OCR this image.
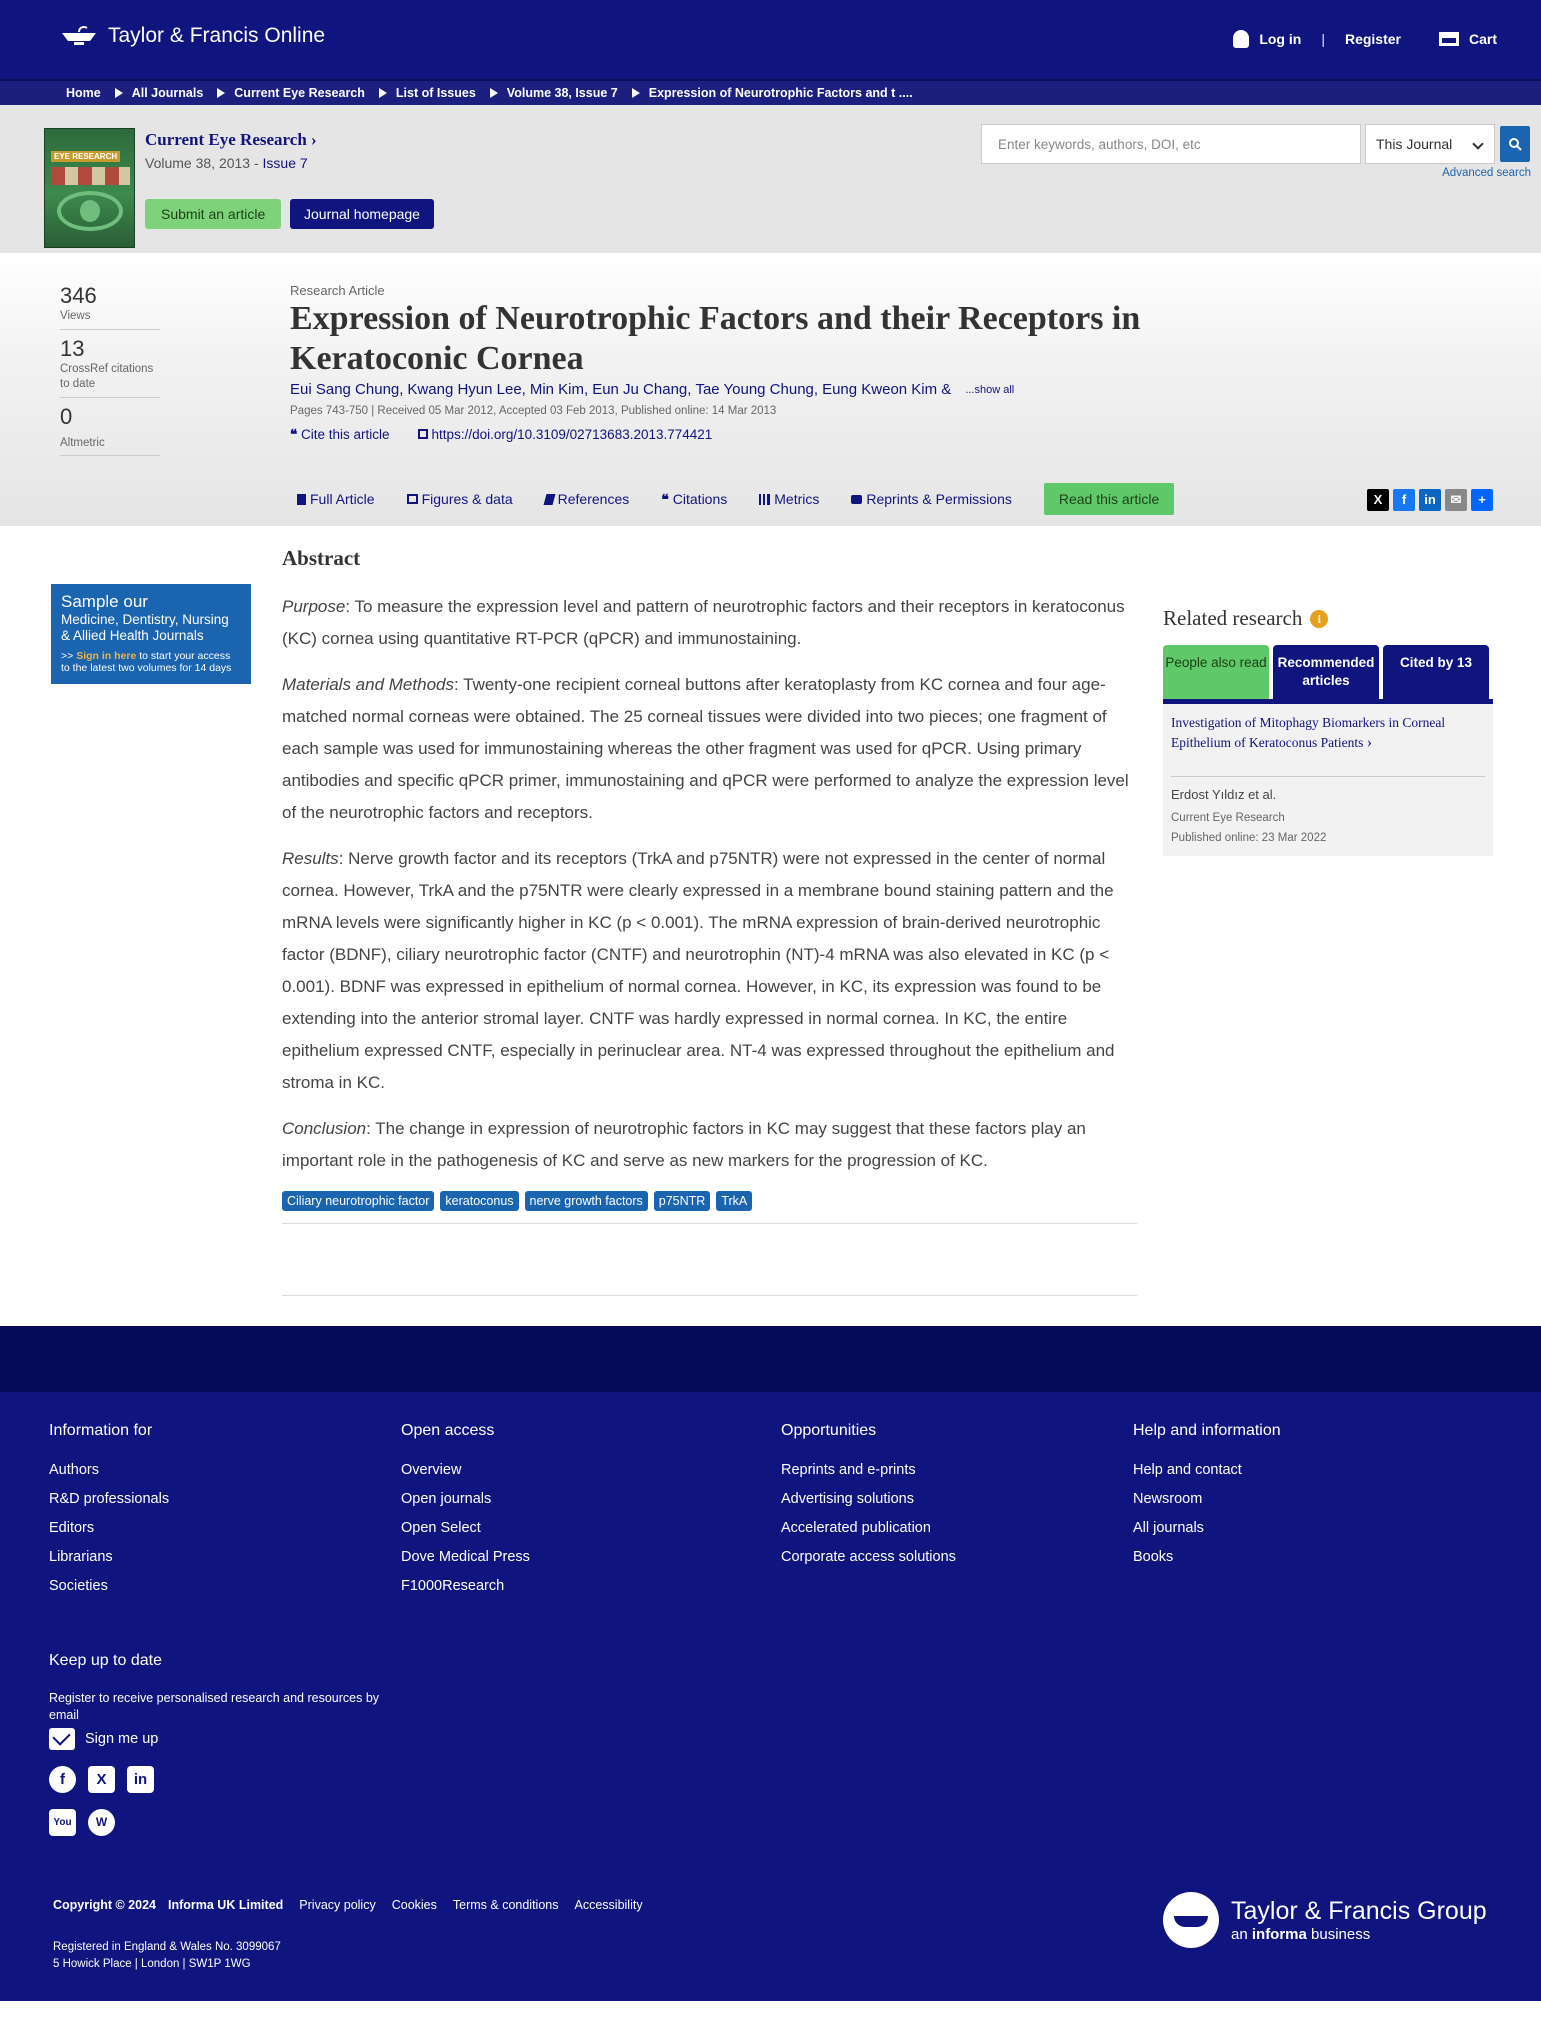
Taylor & Francis Online	Log in | Register	Cart
Home All Journals Current Eye Research List of Issues Volume 38, Issue 7 Expression of Neurotrophic Factors and t ....
EYE RESEARCH
Current Eye Research ›
Volume 38, 2013 - Issue 7
Submit an article	Journal homepage
Enter keywords, authors, DOI, etc	This Journal
Advanced search
346
Views
13
CrossRef citations to date
0
Altmetric
Research Article
Expression of Neurotrophic Factors and their Receptors in Keratoconic Cornea
Eui Sang Chung, Kwang Hyun Lee, Min Kim, Eun Ju Chang, Tae Young Chung, Eung Kweon Kim & ...show all
Pages 743-750 | Received 05 Mar 2012, Accepted 03 Feb 2013, Published online: 14 Mar 2013
❝ Cite this article	https://doi.org/10.3109/02713683.2013.774421
Full Article	Figures & data	References ❝ Citations	Metrics	Reprints & Permissions	Read this article	X	f	in	✉	+
Sample our
Medicine, Dentistry, Nursing & Allied Health Journals
>> Sign in here to start your access to the latest two volumes for 14 days
Abstract

Purpose: To measure the expression level and pattern of neurotrophic factors and their receptors in keratoconus (KC) cornea using quantitative RT-PCR (qPCR) and immunostaining.

Materials and Methods: Twenty-one recipient corneal buttons after keratoplasty from KC cornea and four age-matched normal corneas were obtained. The 25 corneal tissues were divided into two pieces; one fragment of each sample was used for immunostaining whereas the other fragment was used for qPCR. Using primary antibodies and specific qPCR primer, immunostaining and qPCR were performed to analyze the expression level of the neurotrophic factors and receptors.

Results: Nerve growth factor and its receptors (TrkA and p75NTR) were not expressed in the center of normal cornea. However, TrkA and the p75NTR were clearly expressed in a membrane bound staining pattern and the mRNA levels were significantly higher in KC (p < 0.001). The mRNA expression of brain-derived neurotrophic factor (BDNF), ciliary neurotrophic factor (CNTF) and neurotrophin (NT)-4 mRNA was also elevated in KC (p < 0.001). BDNF was expressed in epithelium of normal cornea. However, in KC, its expression was found to be extending into the anterior stromal layer. CNTF was hardly expressed in normal cornea. In KC, the entire epithelium expressed CNTF, especially in perinuclear area. NT-4 was expressed throughout the epithelium and stroma in KC.

Conclusion: The change in expression of neurotrophic factors in KC may suggest that these factors play an important role in the pathogenesis of KC and serve as new markers for the progression of KC.

Ciliary neurotrophic factor	keratoconus	nerve growth factors	p75NTR	TrkA
Related research	i
People also read Recommended articles
Cited by 13
Investigation of Mitophagy Biomarkers in Corneal Epithelium of Keratoconus Patients ›
Erdost Yıldız et al.
Current Eye Research
Published online: 23 Mar 2022
Information for
Authors
R&D professionals
Editors
Librarians
Societies
Open access
Overview
Open journals
Open Select
Dove Medical Press
F1000Research
Opportunities
Reprints and e-prints
Advertising solutions
Accelerated publication
Corporate access solutions
Help and information
Help and contact
Newsroom
All journals
Books
Keep up to date

Register to receive personalised research and resources by email

Sign me up
f	X	in
You	W
Copyright © 2024 Informa UK Limited Privacy policy Cookies Terms & conditions Accessibility
Registered in England & Wales No. 3099067
5 Howick Place | London | SW1P 1WG
Taylor & Francis Group
an informa business
